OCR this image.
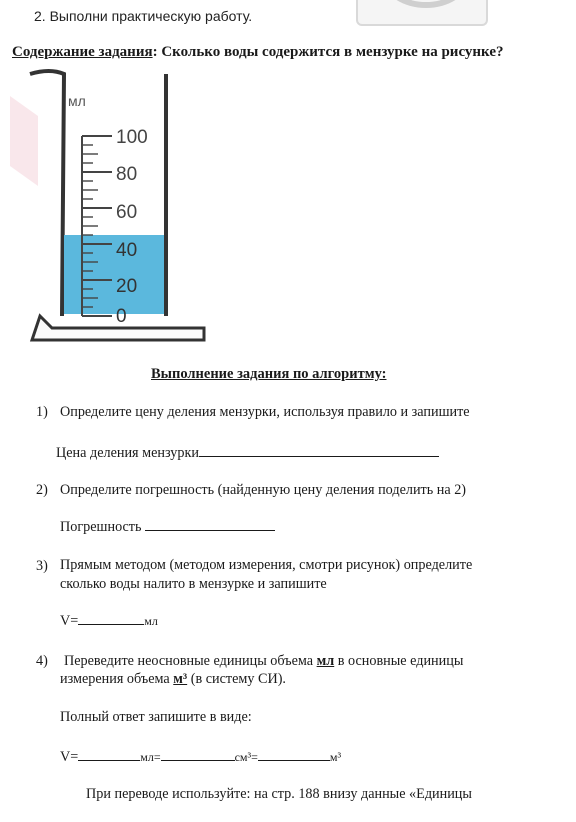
2. Выполни практическую работу.
Содержание задания: Сколько воды содержится в мензурке на рисунке?
мл
100
80
60
40
20
0
Выполнение задания по алгоритму:
1) Определите цену деления мензурки, используя правило и запишите
Цена деления мензурки
2) Определите погрешность (найденную цену деления поделить на 2)
Погрешность
3) Прямым методом (методом измерения, смотри рисунок) определите
сколько воды налито в мензурке и запишите
V=	мл
4) Переведите неосновные единицы объема мл в основные единицы
измерения объема м³ (в систему СИ).
Полный ответ запишите в виде:
V=	мл=	см³=	м³
При переводе используйте: на стр. 188 внизу данные «Единицы
